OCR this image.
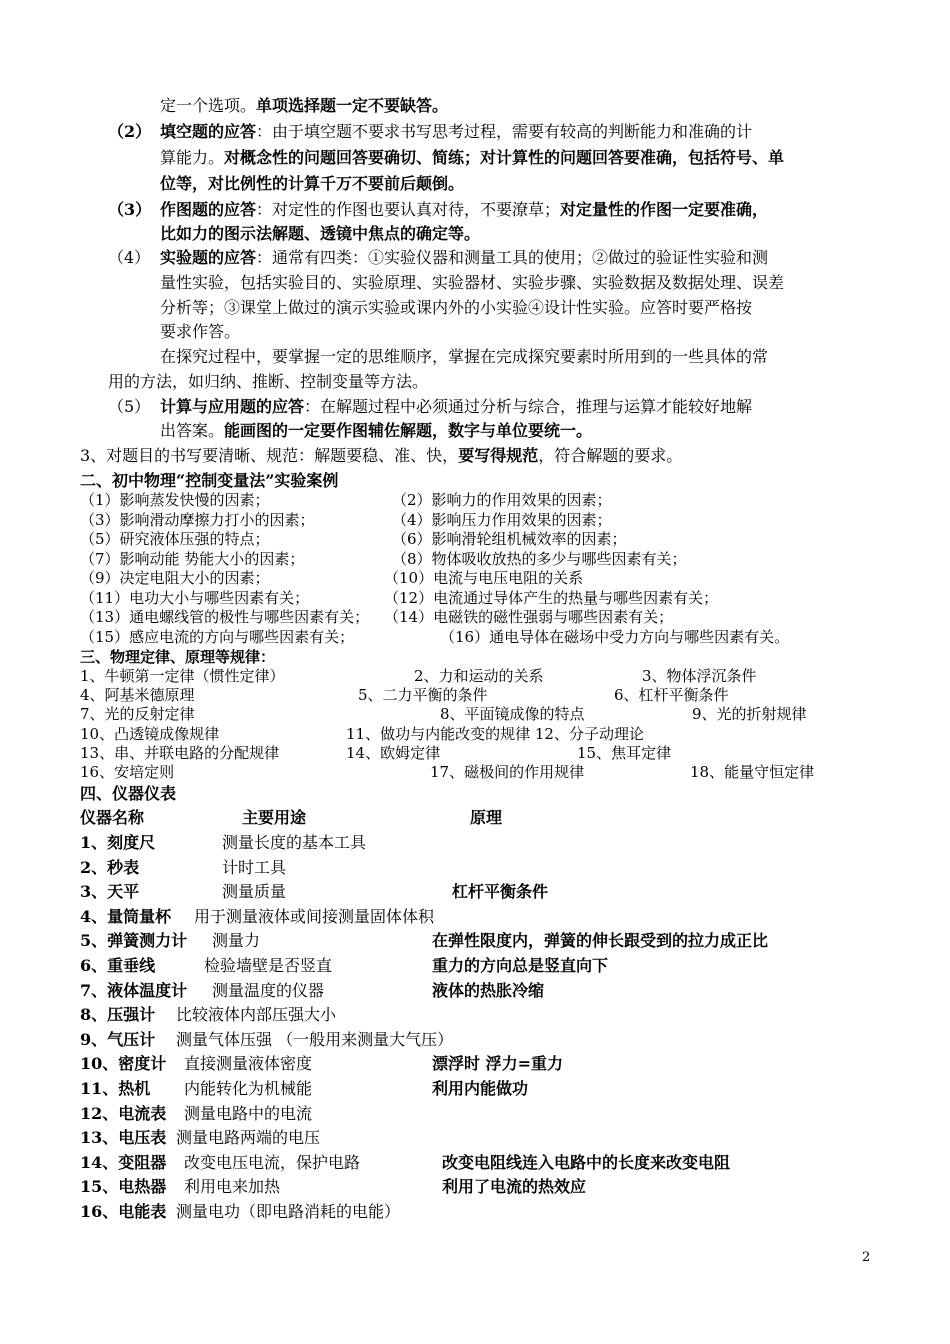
定一个选项。单项选择题一定不要缺答。
（2） 填空题的应答：由于填空题不要求书写思考过程，需要有较高的判断能力和准确的计
算能力。对概念性的问题回答要确切、简练；对计算性的问题回答要准确，包括符号、单
位等，对比例性的计算千万不要前后颠倒。
（3） 作图题的应答：对定性的作图也要认真对待，不要潦草；对定量性的作图一定要准确，
比如力的图示法解题、透镜中焦点的确定等。
（4） 实验题的应答：通常有四类：①实验仪器和测量工具的使用；②做过的验证性实验和测
量性实验，包括实验目的、实验原理、实验器材、实验步骤、实验数据及数据处理、误差
分析等；③课堂上做过的演示实验或课内外的小实验④设计性实验。应答时要严格按
要求作答。
在探究过程中，要掌握一定的思维顺序，掌握在完成探究要素时所用到的一些具体的常
用的方法，如归纳、推断、控制变量等方法。
（5） 计算与应用题的应答：在解题过程中必须通过分析与综合，推理与运算才能较好地解
出答案。能画图的一定要作图辅佐解题，数字与单位要统一。
3、对题目的书写要清晰、规范：解题要稳、准、快，要写得规范，符合解题的要求。
二、初中物理“控制变量法”实验案例
（1）影响蒸发快慢的因素；	（2）影响力的作用效果的因素；
（3）影响滑动摩擦力打小的因素；	（4）影响压力作用效果的因素；
（5）研究液体压强的特点；	（6）影响滑轮组机械效率的因素；
（7）影响动能 势能大小的因素；	（8）物体吸收放热的多少与哪些因素有关；
（9）决定电阻大小的因素；	（10）电流与电压电阻的关系
（11）电功大小与哪些因素有关；	（12）电流通过导体产生的热量与哪些因素有关；
（13）通电螺线管的极性与哪些因素有关； （14）电磁铁的磁性强弱与哪些因素有关；
（15）感应电流的方向与哪些因素有关；	（16）通电导体在磁场中受力方向与哪些因素有关。
三、物理定律、原理等规律：
1、牛顿第一定律（惯性定律）	2、力和运动的关系	3、物体浮沉条件
4、阿基米德原理	5、二力平衡的条件	6、杠杆平衡条件
7、光的反射定律	8、平面镜成像的特点	9、光的折射规律
10、凸透镜成像规律	11、做功与内能改变的规律 12、分子动理论
13、串、并联电路的分配规律	14、欧姆定律	15、焦耳定律
16、安培定则	17、磁极间的作用规律	18、能量守恒定律
四、仪器仪表
仪器名称	主要用途	原理
1、刻度尺	测量长度的基本工具
2、秒表	计时工具
3、天平	测量质量	杠杆平衡条件
4、量筒量杯 用于测量液体或间接测量固体体积
5、弹簧测力计 测量力	在弹性限度内，弹簧的伸长跟受到的拉力成正比
6、重垂线	检验墙壁是否竖直	重力的方向总是竖直向下
7、液体温度计 测量温度的仪器	液体的热胀冷缩
8、压强计 比较液体内部压强大小
9、气压计 测量气体压强 （一般用来测量大气压）
10、密度计 直接测量液体密度	漂浮时 浮力=重力
11、热机 内能转化为机械能	利用内能做功
12、电流表 测量电路中的电流
13、电压表 测量电路两端的电压
14、变阻器 改变电压电流，保护电路	改变电阻线连入电路中的长度来改变电阻
15、电热器 利用电来加热	利用了电流的热效应
16、电能表 测量电功（即电路消耗的电能）
2
